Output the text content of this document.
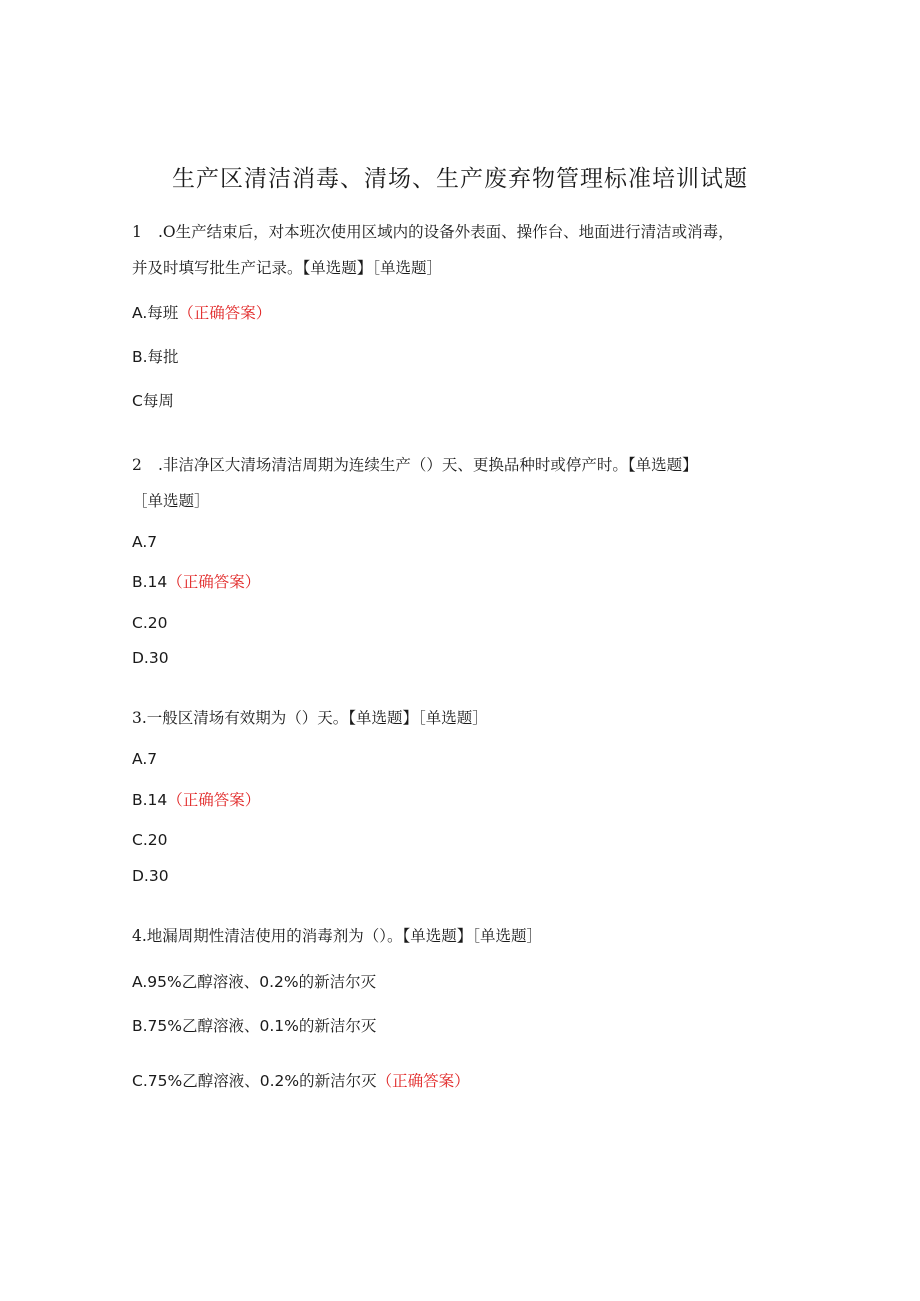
生产区清洁消毒、清场、生产废弃物管理标准培训试题
1 .O生产结束后，对本班次使用区域内的设备外表面、操作台、地面进行清洁或消毒，
并及时填写批生产记录。【单选题】［单选题］
A.每班（正确答案）
B.每批
C每周
2 .非洁净区大清场清洁周期为连续生产（）天、更换品种时或停产时。【单选题】
［单选题］
A.7
B.14（正确答案）
C.20
D.30
3.一般区清场有效期为（）天。【单选题】［单选题］
A.7
B.14（正确答案）
C.20
D.30
4.地漏周期性清洁使用的消毒剂为（）。【单选题】［单选题］
A.95%乙醇溶液、0.2%的新洁尔灭
B.75%乙醇溶液、0.1%的新洁尔灭
C.75%乙醇溶液、0.2%的新洁尔灭（正确答案）
